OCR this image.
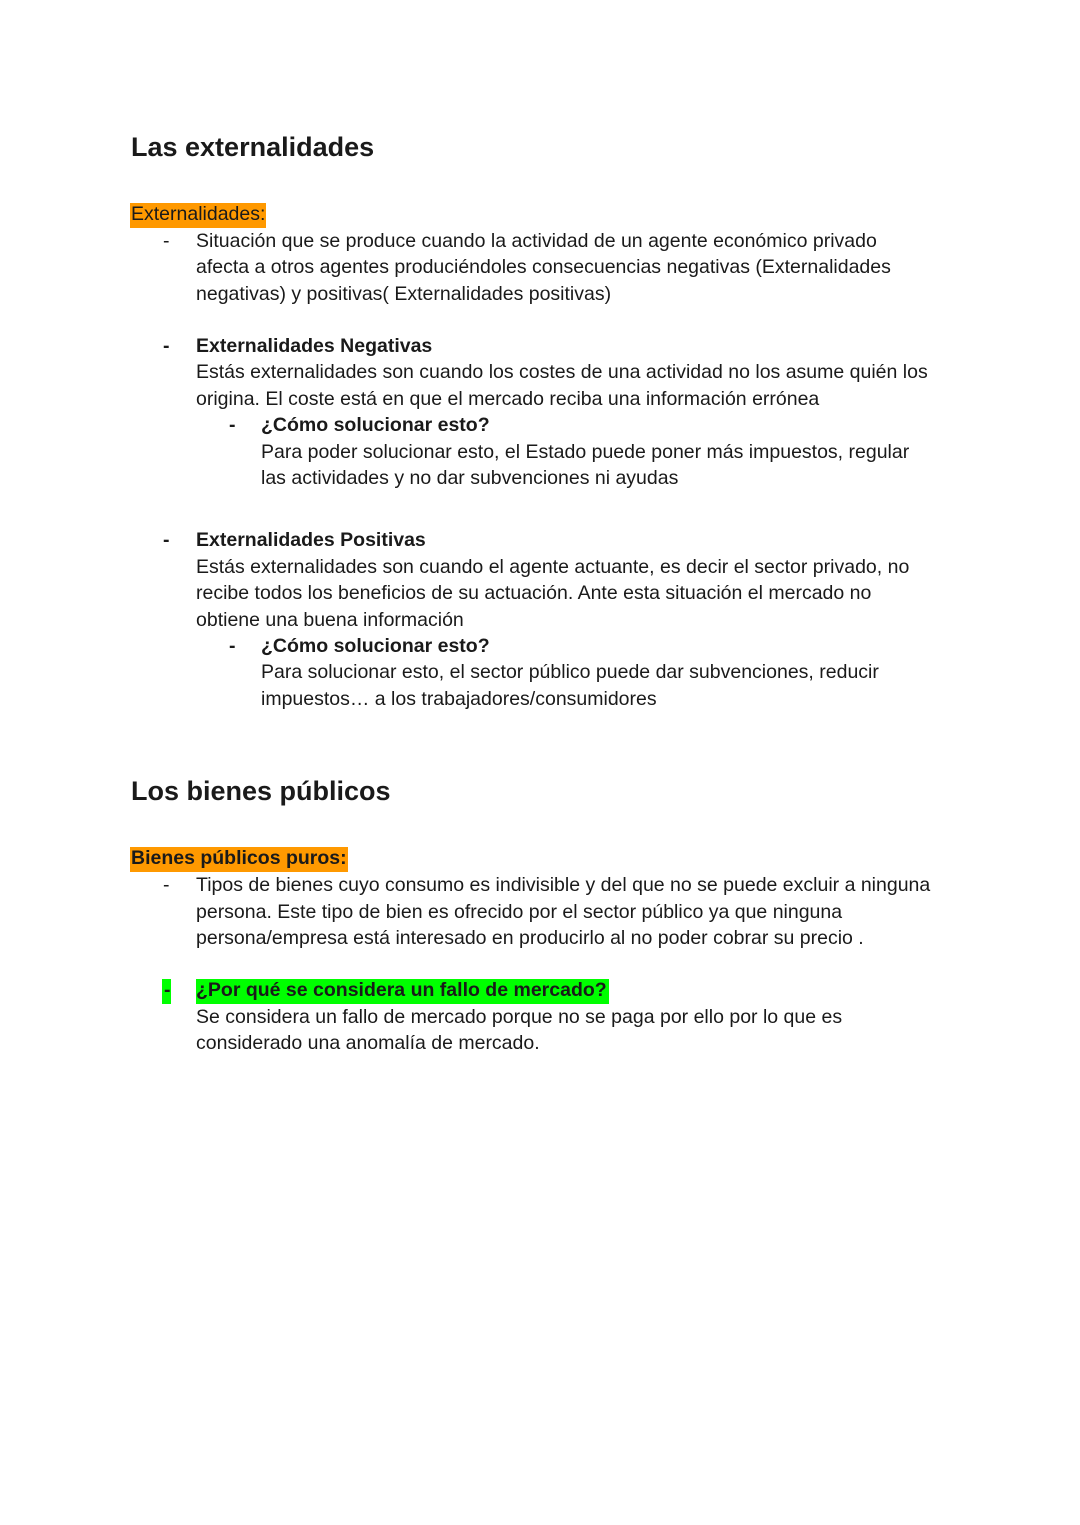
Las externalidades
Externalidades:
- Situación que se produce cuando la actividad de un agente económico privado
afecta a otros agentes produciéndoles consecuencias negativas (Externalidades
negativas) y positivas( Externalidades positivas)
- Externalidades Negativas
Estás externalidades son cuando los costes de una actividad no los asume quién los
origina. El coste está en que el mercado reciba una información errónea
- ¿Cómo solucionar esto?
Para poder solucionar esto, el Estado puede poner más impuestos, regular
las actividades y no dar subvenciones ni ayudas
- Externalidades Positivas
Estás externalidades son cuando el agente actuante, es decir el sector privado, no
recibe todos los beneficios de su actuación. Ante esta situación el mercado no
obtiene una buena información
- ¿Cómo solucionar esto?
Para solucionar esto, el sector público puede dar subvenciones, reducir
impuestos… a los trabajadores/consumidores
Los bienes públicos
Bienes públicos puros:
- Tipos de bienes cuyo consumo es indivisible y del que no se puede excluir a ninguna
persona. Este tipo de bien es ofrecido por el sector público ya que ninguna
persona/empresa está interesado en producirlo al no poder cobrar su precio .
- ¿Por qué se considera un fallo de mercado?
Se considera un fallo de mercado porque no se paga por ello por lo que es
considerado una anomalía de mercado.
